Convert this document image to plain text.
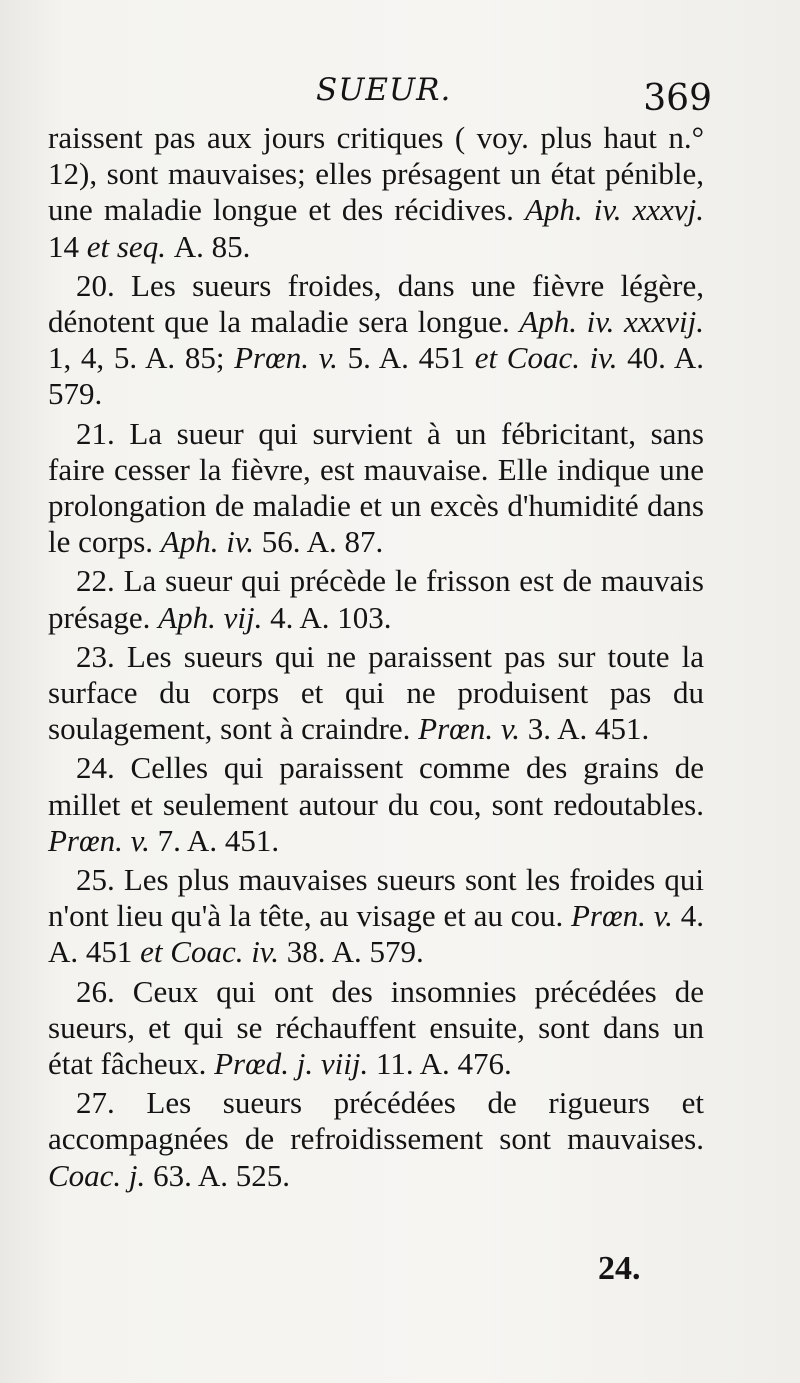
SUEUR.	369

raissent pas aux jours critiques ( voy. plus haut n.° 12), sont mauvaises; elles présagent un état pénible, une maladie longue et des récidives. Aph. iv. xxxvj. 14 et seq. A. 85.

20. Les sueurs froides, dans une fièvre légère, dénotent que la maladie sera longue. Aph. iv. xxxvij. 1, 4, 5. A. 85; Prœn. v. 5. A. 451 et Coac. iv. 40. A. 579.

21. La sueur qui survient à un fébricitant, sans faire cesser la fièvre, est mauvaise. Elle indique une prolongation de maladie et un excès d'humidité dans le corps. Aph. iv. 56. A. 87.

22. La sueur qui précède le frisson est de mauvais présage. Aph. vij. 4. A. 103.

23. Les sueurs qui ne paraissent pas sur toute la surface du corps et qui ne produisent pas du soulagement, sont à craindre. Prœn. v. 3. A. 451.

24. Celles qui paraissent comme des grains de millet et seulement autour du cou, sont redoutables. Prœn. v. 7. A. 451.

25. Les plus mauvaises sueurs sont les froides qui n'ont lieu qu'à la tête, au visage et au cou. Prœn. v. 4. A. 451 et Coac. iv. 38. A. 579.

26. Ceux qui ont des insomnies précédées de sueurs, et qui se réchauffent ensuite, sont dans un état fâcheux. Prœd. j. viij. 11. A. 476.

27. Les sueurs précédées de rigueurs et accompagnées de refroidissement sont mauvaises. Coac. j. 63. A. 525.

24.
